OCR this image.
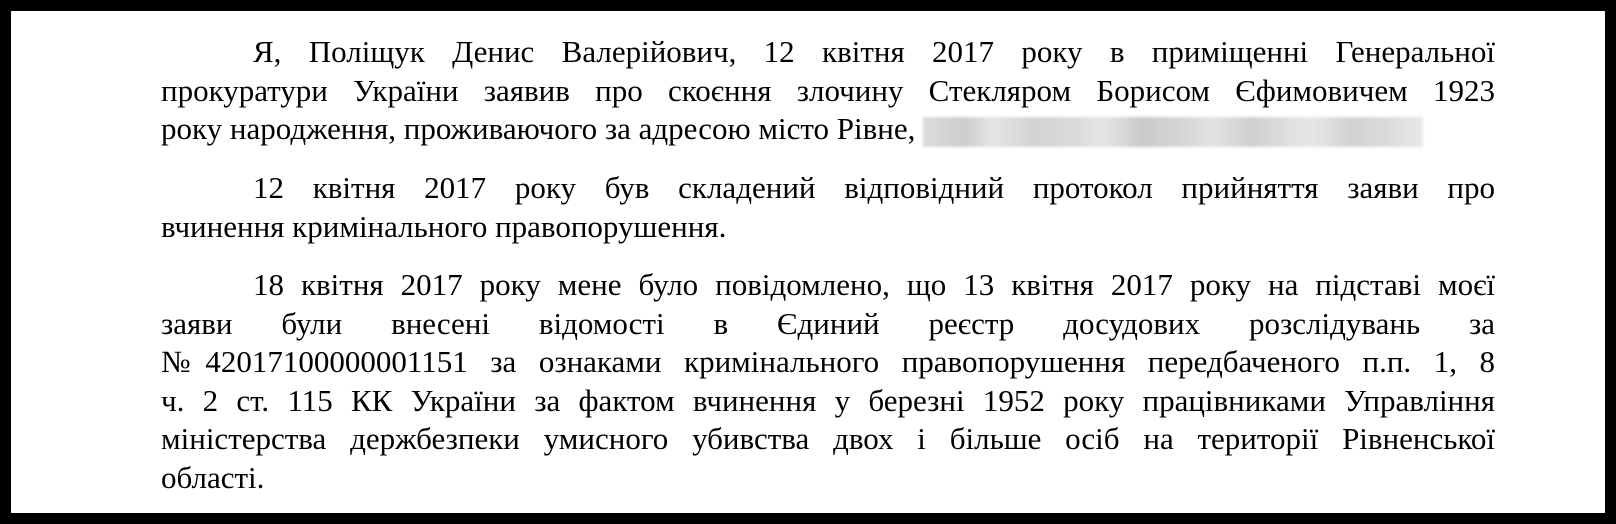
Я, Поліщук Денис Валерійович, 12 квітня 2017 року в приміщенні Генеральної
прокуратури України заявив про скоєння злочину Стекляром Борисом Єфимовичем 1923
року народження, проживаючого за адресою місто Рівне,
12 квітня 2017 року був складений відповідний протокол прийняття заяви про
вчинення кримінального правопорушення.
18 квітня 2017 року мене було повідомлено, що 13 квітня 2017 року на підставі моєї
заяви були внесені відомості в Єдиний реєстр досудових розслідувань за
№42017100000001151 за ознаками кримінального правопорушення передбаченого п.п. 1, 8
ч. 2 ст. 115 КК України за фактом вчинення у березні 1952 року працівниками Управління
міністерства держбезпеки умисного убивства двох і більше осіб на території Рівненської
області.
